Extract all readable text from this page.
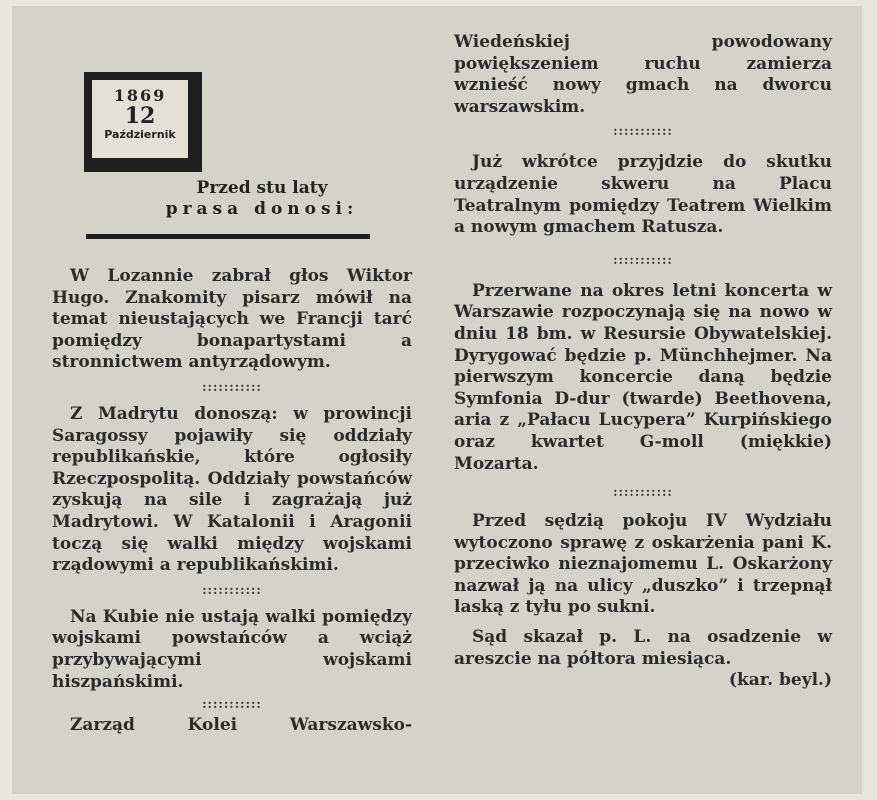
1869
12
Październik
Przed stu laty
prasa donosi:

W Lozannie zabrał głos Wiktor Hugo. Znakomity pisarz mówił na temat nieustających we Francji tarć pomiędzy bonapartystami a stronnictwem antyrządowym.

:::::::::::

Z Madrytu donoszą: w prowincji Saragossy pojawiły się oddziały republikańskie, które ogłosiły Rzeczpospolitą. Oddziały powstańców zyskują na sile i zagrażają już Madrytowi. W Katalonii i Aragonii toczą się walki między wojskami rządowymi a republikańskimi.

:::::::::::

Na Kubie nie ustają walki pomiędzy wojskami powstańców a wciąż przybywającymi wojskami hiszpańskimi.

:::::::::::

Zarząd Kolei Warszawsko-

Wiedeńskiej powodowany powiększeniem ruchu zamierza wznieść nowy gmach na dworcu warszawskim.

:::::::::::

Już wkrótce przyjdzie do skutku urządzenie skweru na Placu Teatralnym pomiędzy Teatrem Wielkim a nowym gmachem Ratusza.

:::::::::::

Przerwane na okres letni koncerta w Warszawie rozpoczynają się na nowo w dniu 18 bm. w Resursie Obywatelskiej. Dyrygować będzie p. Münchhejmer. Na pierwszym koncercie daną będzie Symfonia D-dur (twarde) Beethovena, aria z „Pałacu Lucypera” Kurpińskiego oraz kwartet G-moll (miękkie) Mozarta.

:::::::::::

Przed sędzią pokoju IV Wydziału wytoczono sprawę z oskarżenia pani K. przeciwko nieznajomemu L. Oskarżony nazwał ją na ulicy „duszko” i trzepnął laską z tyłu po sukni.

Sąd skazał p. L. na osadzenie w areszcie na półtora miesiąca.

(kar. beyl.)
